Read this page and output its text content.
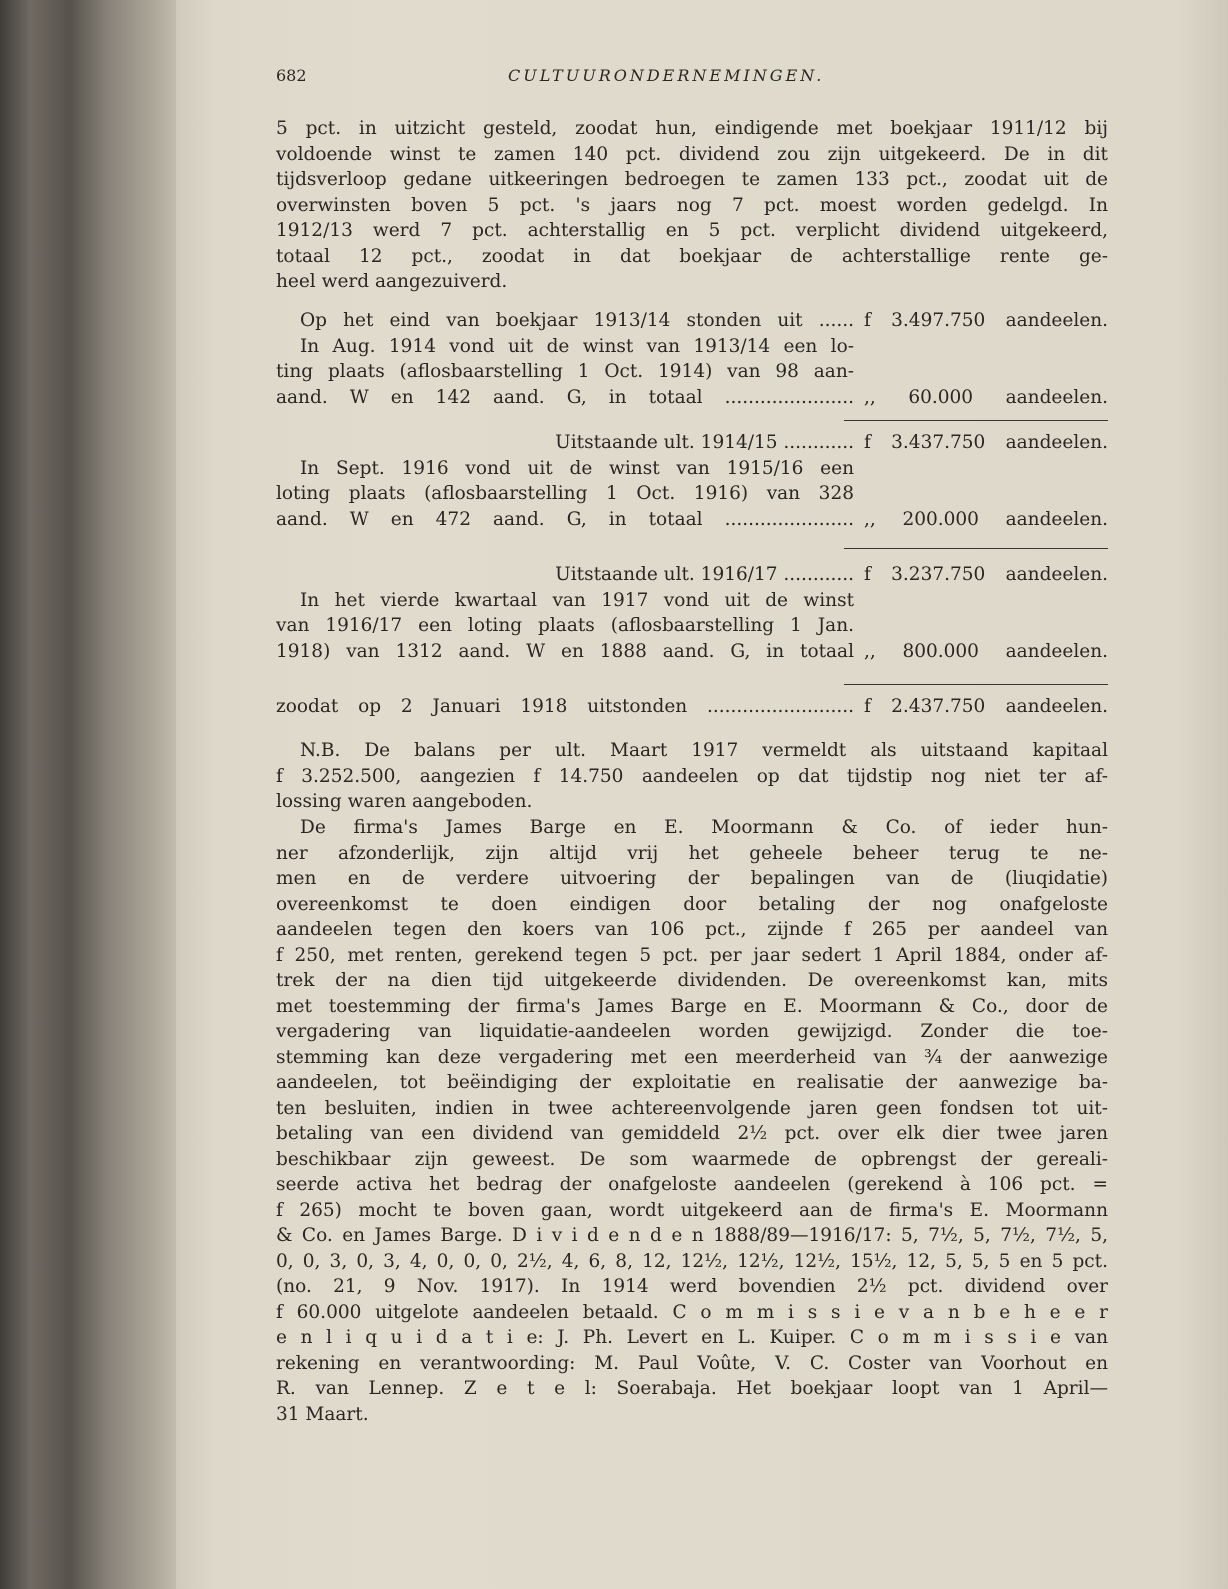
682	CULTUURONDERNEMINGEN.
5 pct. in uitzicht gesteld, zoodat hun, eindigende met boekjaar 1911/12 bij
voldoende winst te zamen 140 pct. dividend zou zijn uitgekeerd. De in dit
tijdsverloop gedane uitkeeringen bedroegen te zamen 133 pct., zoodat uit de
overwinsten boven 5 pct. 's jaars nog 7 pct. moest worden gedelgd. In
1912/13 werd 7 pct. achterstallig en 5 pct. verplicht dividend uitgekeerd,
totaal 12 pct., zoodat in dat boekjaar de achterstallige rente ge-
heel werd aangezuiverd.
Op het eind van boekjaar 1913/14 stonden uit ...... f 3.497.750 aandeelen.
In Aug. 1914 vond uit de winst van 1913/14 een lo-
ting plaats (aflosbaarstelling 1 Oct. 1914) van 98 aan-
aand. W en 142 aand. G, in totaal ...................... ,, 60.000 aandeelen.
Uitstaande ult. 1914/15 ............ f 3.437.750 aandeelen.
In Sept. 1916 vond uit de winst van 1915/16 een
loting plaats (aflosbaarstelling 1 Oct. 1916) van 328
aand. W en 472 aand. G, in totaal ...................... ,, 200.000 aandeelen.
Uitstaande ult. 1916/17 ............ f 3.237.750 aandeelen.
In het vierde kwartaal van 1917 vond uit de winst
van 1916/17 een loting plaats (aflosbaarstelling 1 Jan.
1918) van 1312 aand. W en 1888 aand. G, in totaal ,, 800.000 aandeelen.
zoodat op 2 Januari 1918 uitstonden ......................... f 2.437.750 aandeelen.
N.B. De balans per ult. Maart 1917 vermeldt als uitstaand kapitaal
f 3.252.500, aangezien f 14.750 aandeelen op dat tijdstip nog niet ter af-
lossing waren aangeboden.
De firma's James Barge en E. Moormann & Co. of ieder hun-
ner afzonderlijk, zijn altijd vrij het geheele beheer terug te ne-
men en de verdere uitvoering der bepalingen van de (liuqidatie)
overeenkomst te doen eindigen door betaling der nog onafgeloste
aandeelen tegen den koers van 106 pct., zijnde f 265 per aandeel van
f 250, met renten, gerekend tegen 5 pct. per jaar sedert 1 April 1884, onder af-
trek der na dien tijd uitgekeerde dividenden. De overeenkomst kan, mits
met toestemming der firma's James Barge en E. Moormann & Co., door de
vergadering van liquidatie-aandeelen worden gewijzigd. Zonder die toe-
stemming kan deze vergadering met een meerderheid van ¾ der aanwezige
aandeelen, tot beëindiging der exploitatie en realisatie der aanwezige ba-
ten besluiten, indien in twee achtereenvolgende jaren geen fondsen tot uit-
betaling van een dividend van gemiddeld 2½ pct. over elk dier twee jaren
beschikbaar zijn geweest. De som waarmede de opbrengst der gereali-
seerde activa het bedrag der onafgeloste aandeelen (gerekend à 106 pct. =
f 265) mocht te boven gaan, wordt uitgekeerd aan de firma's E. Moormann
& Co. en James Barge. D i v i d e n d e n 1888/89—1916/17: 5, 7½, 5, 7½, 7½, 5,
0, 0, 3, 0, 3, 4, 0, 0, 0, 2½, 4, 6, 8, 12, 12½, 12½, 12½, 15½, 12, 5, 5, 5 en 5 pct.
(no. 21, 9 Nov. 1917). In 1914 werd bovendien 2½ pct. dividend over
f 60.000 uitgelote aandeelen betaald. C o m m i s s i e v a n b e h e e r
e n l i q u i d a t i e: J. Ph. Levert en L. Kuiper. C o m m i s s i e van
rekening en verantwoording: M. Paul Voûte, V. C. Coster van Voorhout en
R. van Lennep. Z e t e l: Soerabaja. Het boekjaar loopt van 1 April—
31 Maart.
